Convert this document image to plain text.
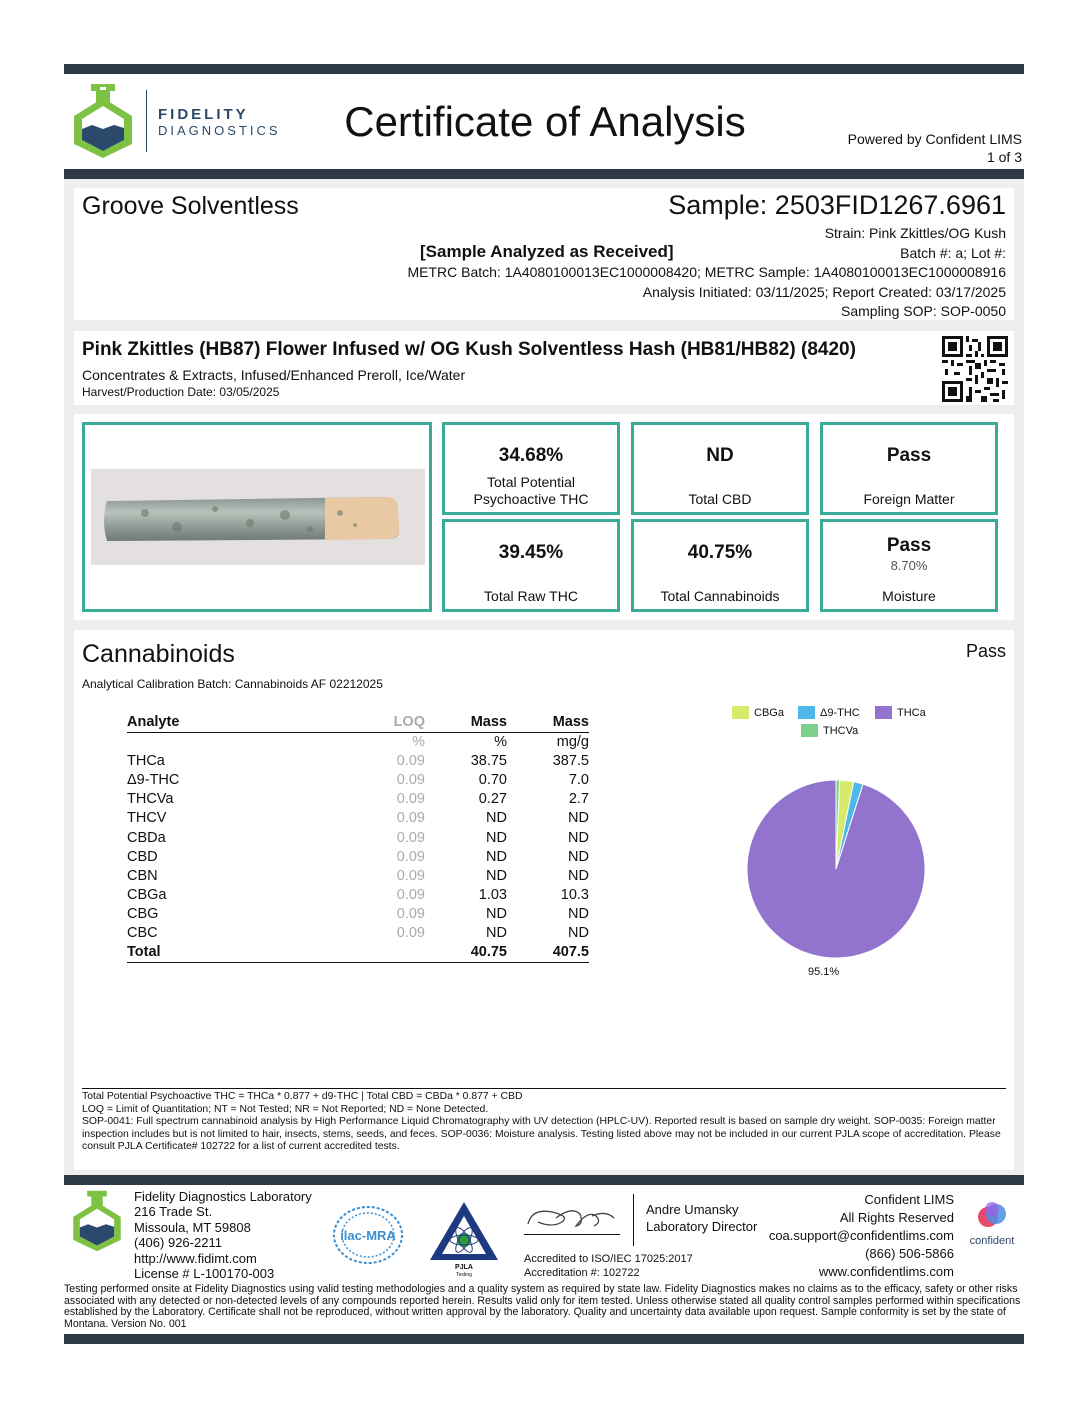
FIDELITY
DIAGNOSTICS	Certificate of Analysis	Powered by Confident LIMS
1 of 3
Groove Solventless	Sample: 2503FID1267.6961
[Sample Analyzed as Received]
Strain: Pink Zkittles/OG Kush
Batch #: a; Lot #:
METRC Batch: 1A4080100013EC1000008420; METRC Sample: 1A4080100013EC1000008916
Analysis Initiated: 03/11/2025; Report Created: 03/17/2025
Sampling SOP: SOP-0050
Pink Zkittles (HB87) Flower Infused w/ OG Kush Solventless Hash (HB81/HB82) (8420)
Concentrates & Extracts, Infused/Enhanced Preroll, Ice/Water
Harvest/Production Date: 03/05/2025
34.68%
Total Potential
Psychoactive THC
ND
Total CBD
Pass
Foreign Matter
39.45%
Total Raw THC
40.75%
Total Cannabinoids
Pass
8.70%
Moisture
Cannabinoids	Pass
Analytical Calibration Batch: Cannabinoids AF 02212025
Analyte	LOQ	Mass	Mass
	%	%	mg/g
THCa	0.09	38.75	387.5
Δ9-THC	0.09	0.70	7.0
THCVa	0.09	0.27	2.7
THCV	0.09	ND	ND
CBDa	0.09	ND	ND
CBD	0.09	ND	ND
CBN	0.09	ND	ND
CBGa	0.09	1.03	10.3
CBG	0.09	ND	ND
CBC	0.09	ND	ND
Total		40.75	407.5
CBGa	Δ9-THC	THCa
THCVa
95.1%
Total Potential Psychoactive THC = THCa * 0.877 + d9-THC | Total CBD = CBDa * 0.877 + CBD
LOQ = Limit of Quantitation; NT = Not Tested; NR = Not Reported; ND = None Detected.
SOP-0041: Full spectrum cannabinoid analysis by High Performance Liquid Chromatography with UV detection (HPLC-UV). Reported result is based on sample dry weight. SOP-0035: Foreign matter inspection includes but is not limited to hair, insects, stems, seeds, and feces. SOP-0036: Moisture analysis. Testing listed above may not be included in our current PJLA scope of accreditation. Please consult PJLA Certificate# 102722 for a list of current accredited tests.
Fidelity Diagnostics Laboratory
216 Trade St.
Missoula, MT 59808
(406) 926-2211
http://www.fidimt.com
License # L-100170-003
ilac-MRA
PJLA
Testing
Andre Umansky
Laboratory Director
Accredited to ISO/IEC 17025:2017
Accreditation #: 102722
Confident LIMS
All Rights Reserved
coa.support@confidentlims.com
(866) 506-5866
www.confidentlims.com
confident
Testing performed onsite at Fidelity Diagnostics using valid testing methodologies and a quality system as required by state law. Fidelity Diagnostics makes no claims as to the efficacy, safety or other risks associated with any detected or non-detected levels of any compounds reported herein. Results valid only for item tested. Unless otherwise stated all quality control samples performed within specifications established by the Laboratory. Certificate shall not be reproduced, without written approval by the laboratory. Quality and uncertainty data available upon request. Sample conformity is set by the state of Montana. Version No. 001
